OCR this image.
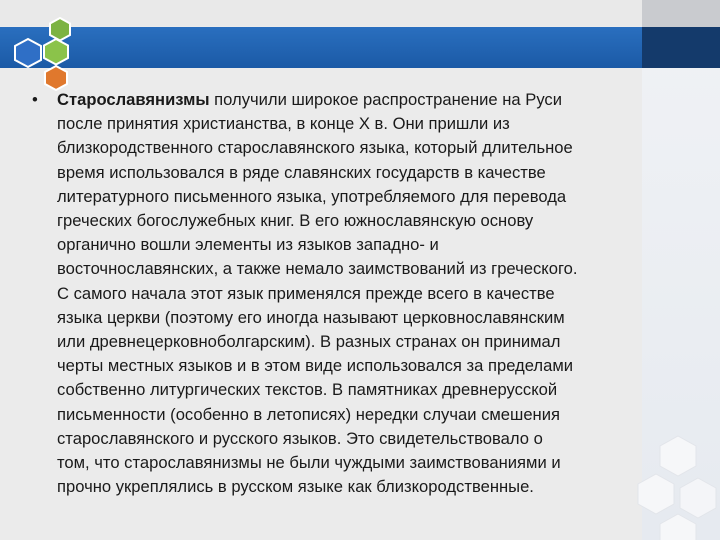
•	Старославянизмы получили широкое распространение на Руси
после принятия христианства, в конце X в. Они пришли из
близкородственного старославянского языка, который длительное
время использовался в ряде славянских государств в качестве
литературного письменного языка, употребляемого для перевода
греческих богослужебных книг. В его южнославянскую основу
органично вошли элементы из языков западно- и
восточнославянских, а также немало заимствований из греческого.
С самого начала этот язык применялся прежде всего в качестве
языка церкви (поэтому его иногда называют церковнославянским
или древнецерковноболгарским). В разных странах он принимал
черты местных языков и в этом виде использовался за пределами
собственно литургических текстов. В памятниках древнерусской
письменности (особенно в летописях) нередки случаи смешения
старославянского и русского языков. Это свидетельствовало о
том, что старославянизмы не были чуждыми заимствованиями и
прочно укреплялись в русском языке как близкородственные.
